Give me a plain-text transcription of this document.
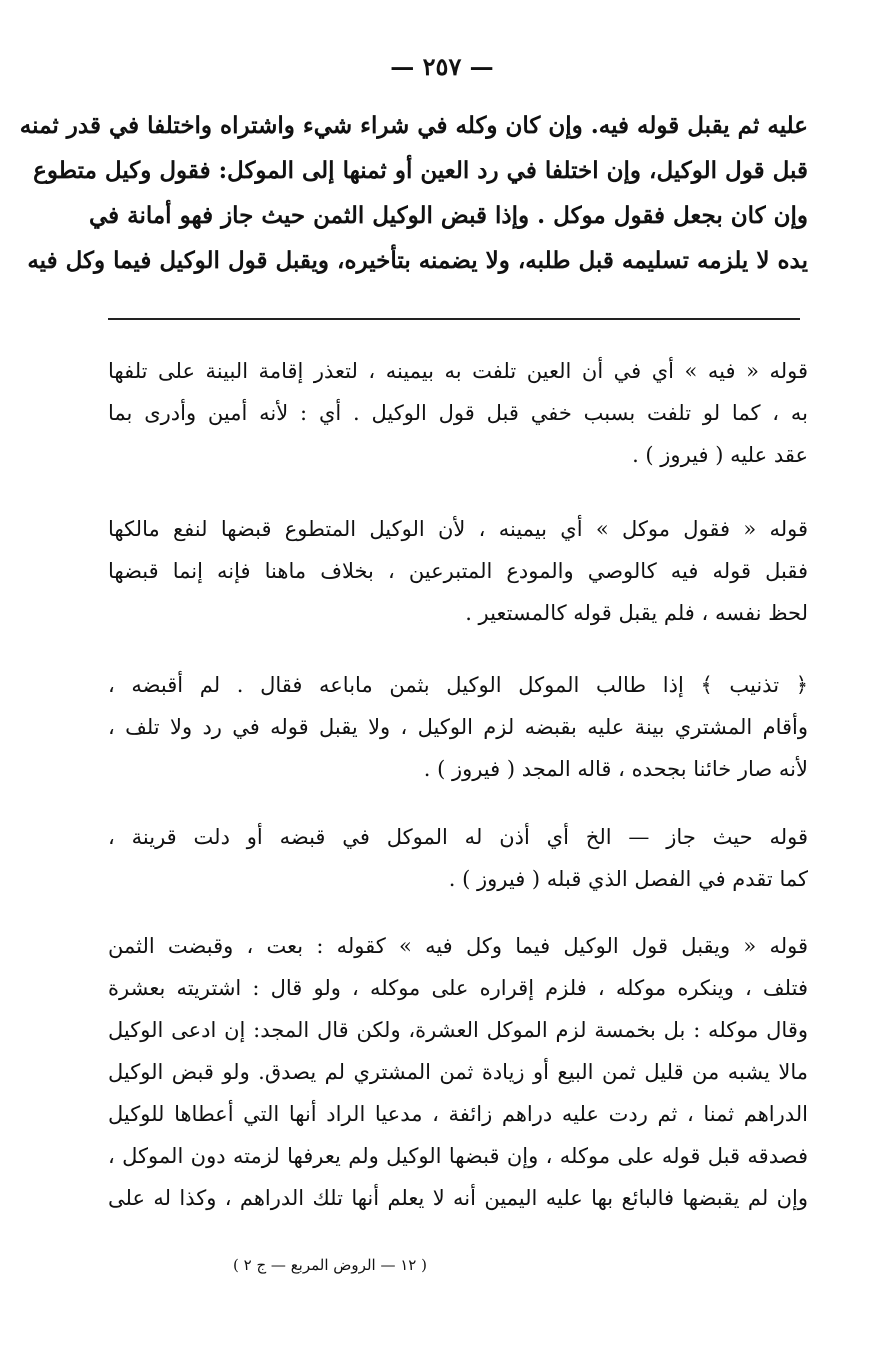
— ٢٥٧ —
عليه ثم يقبل قوله فيه. وإن كان وكله في شراء شيء واشتراه واختلفا في قدر ثمنه
قبل قول الوكيل، وإن اختلفا في رد العين أو ثمنها إلى الموكل: فقول وكيل متطوع
وإن كان بجعل فقول موكل . وإذا قبض الوكيل الثمن حيث جاز فهو أمانة في
يده لا يلزمه تسليمه قبل طلبه، ولا يضمنه بتأخيره، ويقبل قول الوكيل فيما وكل فيه
قوله « فيه » أي في أن العين تلفت به بيمينه ، لتعذر إقامة البينة على تلفها
به ، كما لو تلفت بسبب خفي قبل قول الوكيل . أي : لأنه أمين وأدرى بما
عقد عليه ( فيروز ) .
قوله « فقول موكل » أي بيمينه ، لأن الوكيل المتطوع قبضها لنفع مالكها
فقبل قوله فيه كالوصي والمودع المتبرعين ، بخلاف ماهنا فإنه إنما قبضها
لحظ نفسه ، فلم يقبل قوله كالمستعير .
﴿ تذنيب ﴾ إذا طالب الموكل الوكيل بثمن ماباعه فقال . لم أقبضه ،
وأقام المشتري بينة عليه بقبضه لزم الوكيل ، ولا يقبل قوله في رد ولا تلف ،
لأنه صار خائنا بجحده ، قاله المجد ( فيروز ) .
قوله حيث جاز — الخ أي أذن له الموكل في قبضه أو دلت قرينة ،
كما تقدم في الفصل الذي قبله ( فيروز ) .
قوله « ويقبل قول الوكيل فيما وكل فيه » كقوله : بعت ، وقبضت الثمن
فتلف ، وينكره موكله ، فلزم إقراره على موكله ، ولو قال : اشتريته بعشرة
وقال موكله : بل بخمسة لزم الموكل العشرة، ولكن قال المجد: إن ادعى الوكيل
مالا يشبه من قليل ثمن البيع أو زيادة ثمن المشتري لم يصدق. ولو قبض الوكيل
الدراهم ثمنا ، ثم ردت عليه دراهم زائفة ، مدعيا الراد أنها التي أعطاها للوكيل
فصدقه قبل قوله على موكله ، وإن قبضها الوكيل ولم يعرفها لزمته دون الموكل ،
وإن لم يقبضها فالبائع بها عليه اليمين أنه لا يعلم أنها تلك الدراهم ، وكذا له على
( ١٢ — الروض المربع — ج ٢ )
